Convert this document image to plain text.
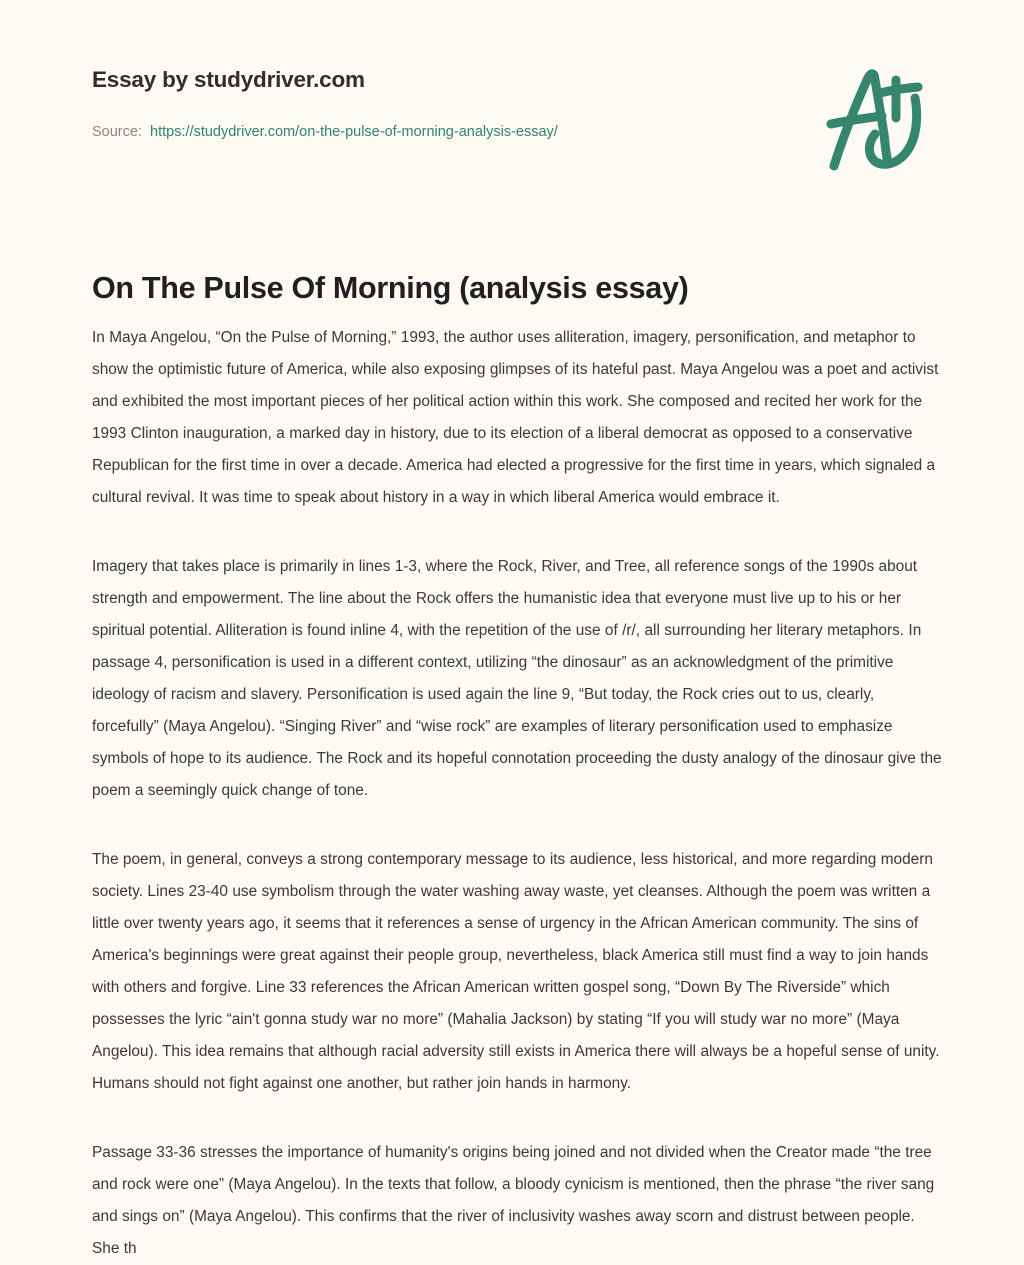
Essay by studydriver.com
Source: https://studydriver.com/on-the-pulse-of-morning-analysis-essay/
On The Pulse Of Morning (analysis essay)

In Maya Angelou, “On the Pulse of Morning,” 1993, the author uses alliteration, imagery, personification, and metaphor to show the optimistic future of America, while also exposing glimpses of its hateful past. Maya Angelou was a poet and activist and exhibited the most important pieces of her political action within this work. She composed and recited her work for the 1993 Clinton inauguration, a marked day in history, due to its election of a liberal democrat as opposed to a conservative Republican for the first time in over a decade. America had elected a progressive for the first time in years, which signaled a cultural revival. It was time to speak about history in a way in which liberal America would embrace it.

Imagery that takes place is primarily in lines 1-3, where the Rock, River, and Tree, all reference songs of the 1990s about strength and empowerment. The line about the Rock offers the humanistic idea that everyone must live up to his or her spiritual potential. Alliteration is found inline 4, with the repetition of the use of /r/, all surrounding her literary metaphors. In passage 4, personification is used in a different context, utilizing “the dinosaur” as an acknowledgment of the primitive ideology of racism and slavery. Personification is used again the line 9, “But today, the Rock cries out to us, clearly, forcefully” (Maya Angelou). “Singing River” and “wise rock” are examples of literary personification used to emphasize symbols of hope to its audience. The Rock and its hopeful connotation proceeding the dusty analogy of the dinosaur give the poem a seemingly quick change of tone.

The poem, in general, conveys a strong contemporary message to its audience, less historical, and more regarding modern society. Lines 23-40 use symbolism through the water washing away waste, yet cleanses. Although the poem was written a little over twenty years ago, it seems that it references a sense of urgency in the African American community. The sins of America's beginnings were great against their people group, nevertheless, black America still must find a way to join hands with others and forgive. Line 33 references the African American written gospel song, “Down By The Riverside” which possesses the lyric “ain't gonna study war no more” (Mahalia Jackson) by stating “If you will study war no more” (Maya Angelou). This idea remains that although racial adversity still exists in America there will always be a hopeful sense of unity. Humans should not fight against one another, but rather join hands in harmony.

Passage 33-36 stresses the importance of humanity's origins being joined and not divided when the Creator made “the tree and rock were one” (Maya Angelou). In the texts that follow, a bloody cynicism is mentioned, then the phrase “the river sang and sings on” (Maya Angelou). This confirms that the river of inclusivity washes away scorn and distrust between people. She th
